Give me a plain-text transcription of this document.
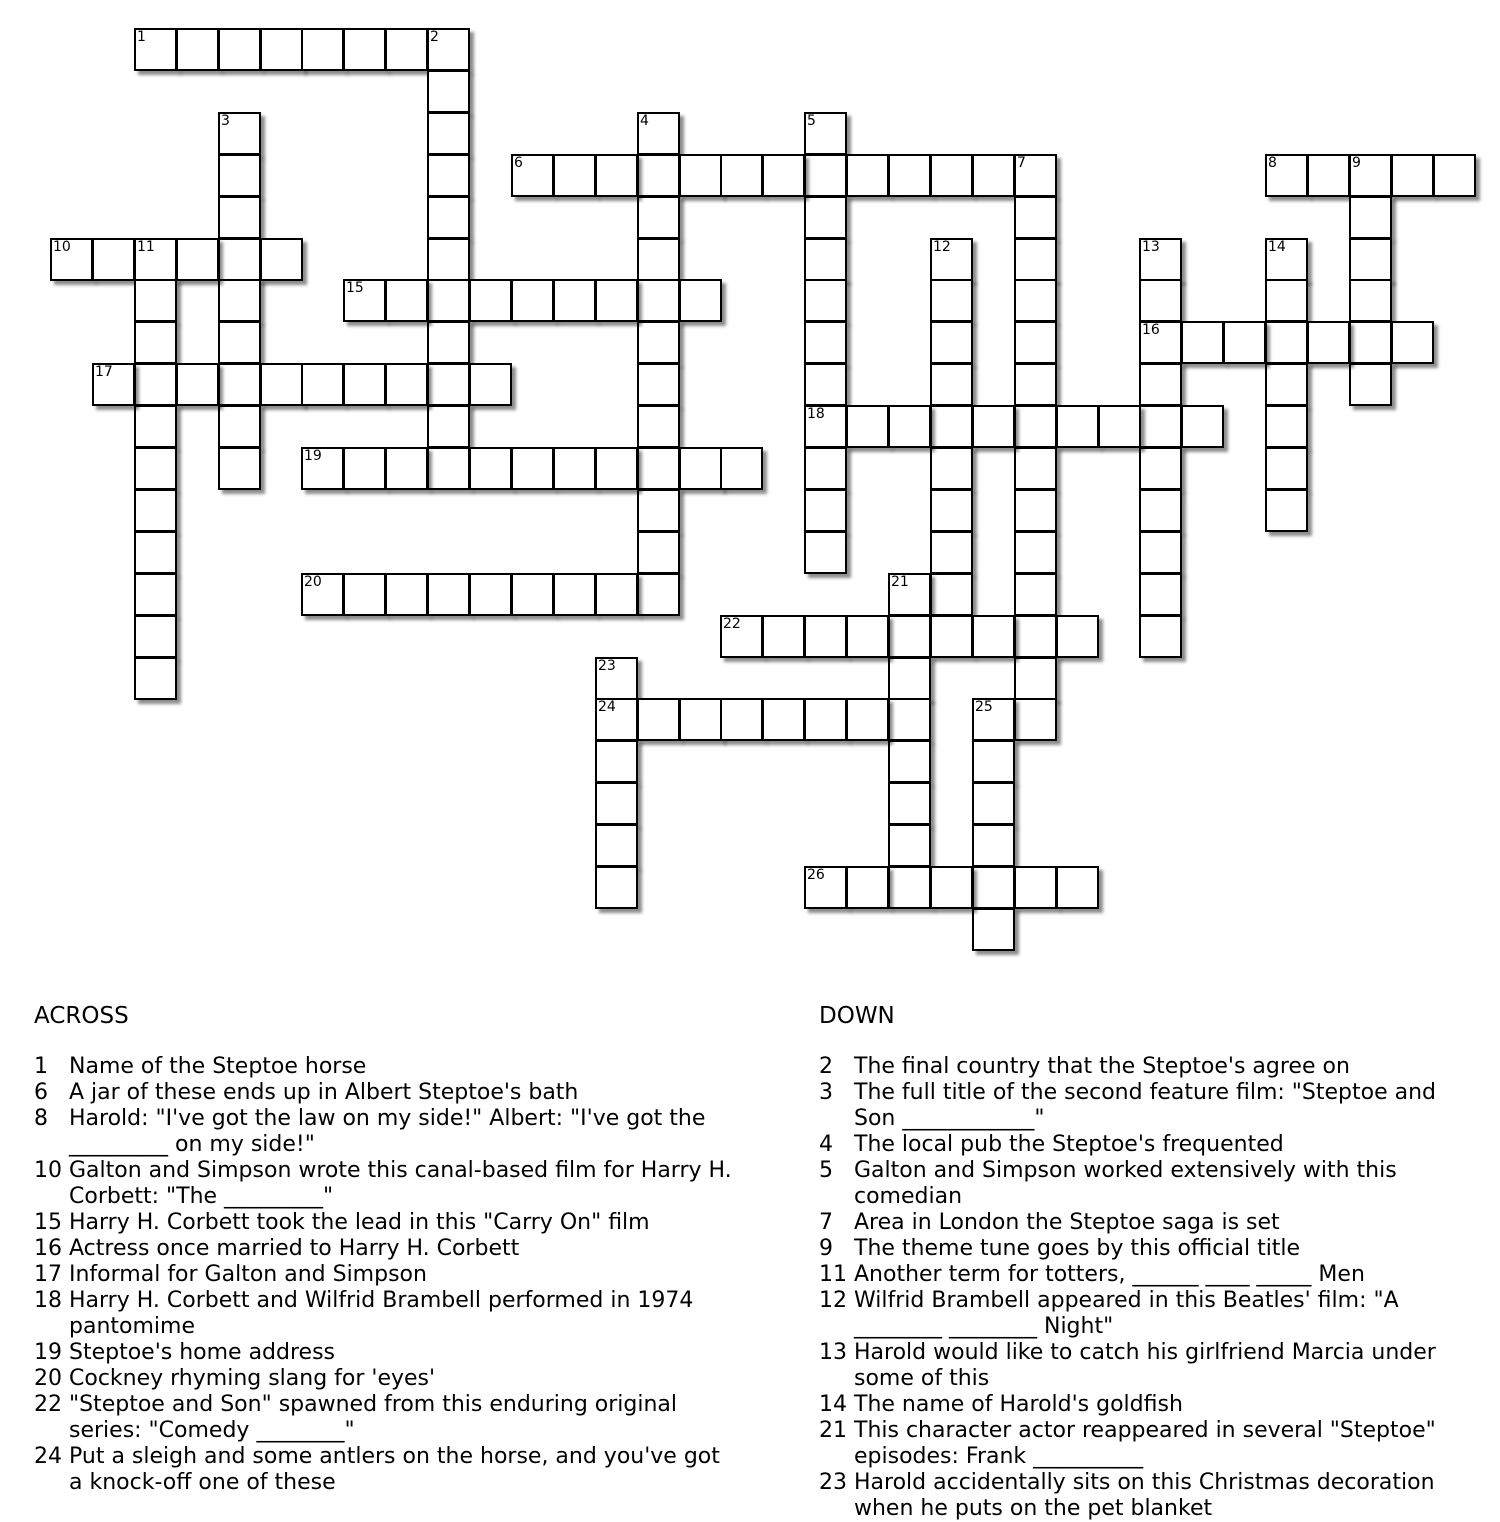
1	2
3	4	5
18
6	7	8	9
10	11	12	13
16
14
15
17
19
20	21
22
23
24	25
26
ACROSS
1 Name of the Steptoe horse
6 A jar of these ends up in Albert Steptoe's bath
8 Harold: "I've got the law on my side!" Albert: "I've got the _________ on my side!"
10 Galton and Simpson wrote this canal-based film for Harry H. Corbett: "The _________"
15 Harry H. Corbett took the lead in this "Carry On" film
16 Actress once married to Harry H. Corbett
17 Informal for Galton and Simpson
18 Harry H. Corbett and Wilfrid Brambell performed in 1974 pantomime
19 Steptoe's home address
20 Cockney rhyming slang for 'eyes'
22 "Steptoe and Son" spawned from this enduring original series: "Comedy ________"
24 Put a sleigh and some antlers on the horse, and you've got a knock-off one of these
DOWN
2 The final country that the Steptoe's agree on
3 The full title of the second feature film: "Steptoe and Son ____________"
4 The local pub the Steptoe's frequented
5 Galton and Simpson worked extensively with this comedian
7 Area in London the Steptoe saga is set
9 The theme tune goes by this official title
11 Another term for totters, ______ ____ _____ Men
12 Wilfrid Brambell appeared in this Beatles' film: "A ________ ________ Night"
13 Harold would like to catch his girlfriend Marcia under some of this
14 The name of Harold's goldfish
21 This character actor reappeared in several "Steptoe" episodes: Frank __________
23 Harold accidentally sits on this Christmas decoration when he puts on the pet blanket
